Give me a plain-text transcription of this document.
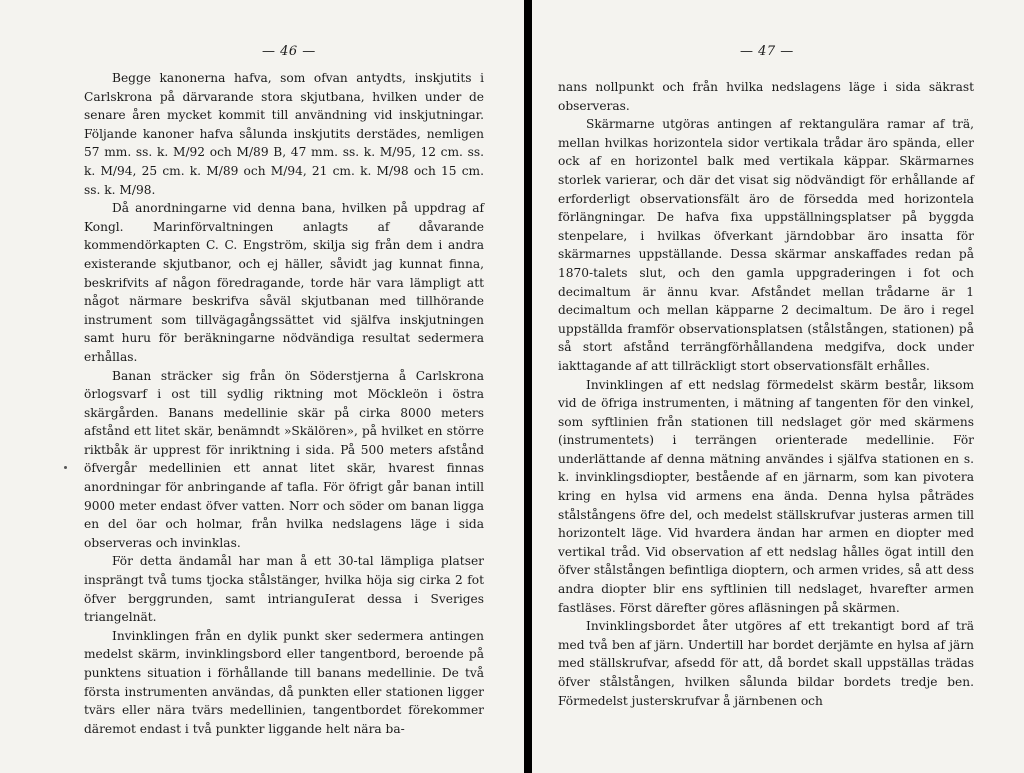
— 46 —

Begge kanonerna hafva, som ofvan antydts, inskjutits i Carlskrona på därvarande stora skjutbana, hvilken under de senare åren mycket kommit till användning vid inskjutningar. Följande kanoner hafva sålunda inskjutits derstädes, nemligen 57 mm. ss. k. M/92 och M/89 B, 47 mm. ss. k. M/95, 12 cm. ss. k. M/94, 25 cm. k. M/89 och M/94, 21 cm. k. M/98 och 15 cm. ss. k. M/98.

Då anordningarne vid denna bana, hvilken på uppdrag af Kongl. Marinförvaltningen anlagts af dåvarande kommendörkapten C. C. Engström, skilja sig från dem i andra existerande skjutbanor, och ej häller, såvidt jag kunnat finna, beskrifvits af någon föredragande, torde här vara lämpligt att något närmare beskrifva såväl skjutbanan med tillhörande instrument som tillvägagångssättet vid själfva inskjutningen samt huru för beräkningarne nödvändiga resultat sedermera erhållas.

Banan sträcker sig från ön Söderstjerna å Carlskrona örlogsvarf i ost till sydlig riktning mot Möckleön i östra skärgården. Banans medellinie skär på cirka 8000 meters afstånd ett litet skär, benämndt »Skälören», på hvilket en större riktbåk är upprest för inriktning i sida. På 500 meters afstånd öfvergår medellinien ett annat litet skär, hvarest finnas anordningar för anbringande af tafla. För öfrigt går banan intill 9000 meter endast öfver vatten. Norr och söder om banan ligga en del öar och holmar, från hvilka nedslagens läge i sida observeras och invinklas.

För detta ändamål har man å ett 30-tal lämpliga platser insprängt två tums tjocka stålstänger, hvilka höja sig cirka 2 fot öfver berggrunden, samt intrianguIerat dessa i Sveriges triangelnät.

Invinklingen från en dylik punkt sker sedermera antingen medelst skärm, invinklingsbord eller tangentbord, beroende på punktens situation i förhållande till banans medellinie. De två första instrumenten användas, då punkten eller stationen ligger tvärs eller nära tvärs medellinien, tangentbordet förekommer däremot endast i två punkter liggande helt nära ba-

— 47 —

nans nollpunkt och från hvilka nedslagens läge i sida säkrast observeras.

Skärmarne utgöras antingen af rektangulära ramar af trä, mellan hvilkas horizontela sidor vertikala trådar äro spända, eller ock af en horizontel balk med vertikala käppar. Skärmarnes storlek varierar, och där det visat sig nödvändigt för erhållande af erforderligt observationsfält äro de försedda med horizontela förlängningar. De hafva fixa uppställningsplatser på byggda stenpelare, i hvilkas öfverkant järndobbar äro insatta för skärmarnes uppställande. Dessa skärmar anskaffades redan på 1870-talets slut, och den gamla uppgraderingen i fot och decimaltum är ännu kvar. Afståndet mellan trådarne är 1 decimaltum och mellan käpparne 2 decimaltum. De äro i regel uppställda framför observationsplatsen (stålstången, stationen) på så stort afstånd terrängförhållandena medgifva, dock under iakttagande af att tillräckligt stort observationsfält erhålles.

Invinklingen af ett nedslag förmedelst skärm består, liksom vid de öfriga instrumenten, i mätning af tangenten för den vinkel, som syftlinien från stationen till nedslaget gör med skärmens (instrumentets) i terrängen orienterade medellinie. För underlättande af denna mätning användes i själfva stationen en s. k. invinklingsdiopter, bestående af en järnarm, som kan pivotera kring en hylsa vid armens ena ända. Denna hylsa påträdes stålstångens öfre del, och medelst ställskrufvar justeras armen till horizontelt läge. Vid hvardera ändan har armen en diopter med vertikal tråd. Vid observation af ett nedslag hålles ögat intill den öfver stålstången befintliga dioptern, och armen vrides, så att dess andra diopter blir ens syftlinien till nedslaget, hvarefter armen fastläses. Först därefter göres afläsningen på skärmen.

Invinklingsbordet åter utgöres af ett trekantigt bord af trä med två ben af järn. Undertill har bordet derjämte en hylsa af järn med ställskrufvar, afsedd för att, då bordet skall uppställas trädas öfver stålstången, hvilken sålunda bildar bordets tredje ben. Förmedelst justerskrufvar å järnbenen och
